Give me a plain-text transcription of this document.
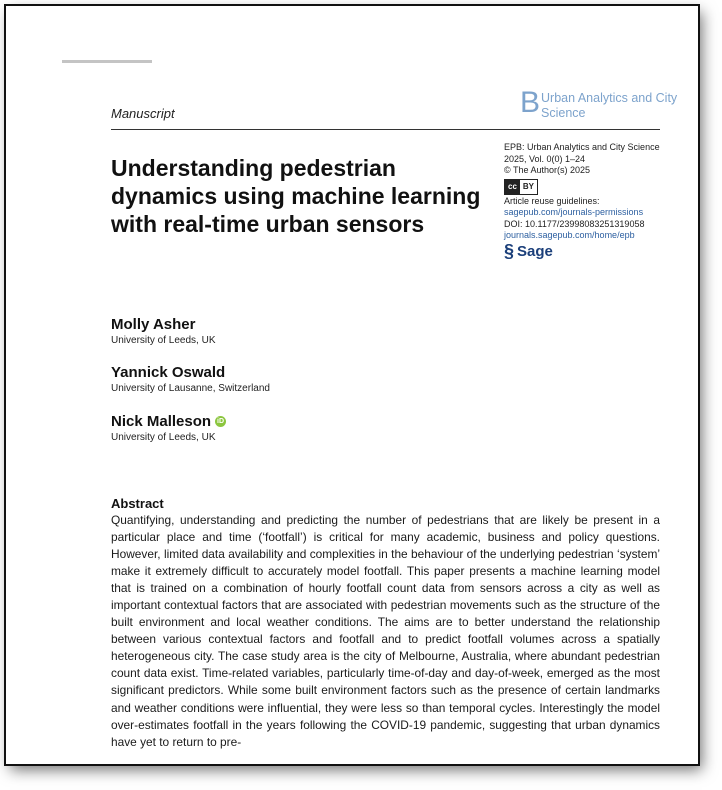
Manuscript	B Urban Analytics and City Science
Understanding pedestrian dynamics using machine learning with real-time urban sensors
EPB: Urban Analytics and City Science
2025, Vol. 0(0) 1–24
© The Author(s) 2025
cc BY
Article reuse guidelines:
sagepub.com/journals-permissions
DOI: 10.1177/23998083251319058
journals.sagepub.com/home/epb
§ Sage
Molly Asher
University of Leeds, UK
Yannick Oswald
University of Lausanne, Switzerland
Nick Malleson iD
University of Leeds, UK
Abstract
Quantifying, understanding and predicting the number of pedestrians that are likely be present in a particular place and time (‘footfall’) is critical for many academic, business and policy questions. However, limited data availability and complexities in the behaviour of the underlying pedestrian ‘system’ make it extremely difficult to accurately model footfall. This paper presents a machine learning model that is trained on a combination of hourly footfall count data from sensors across a city as well as important contextual factors that are associated with pedestrian movements such as the structure of the built environment and local weather conditions. The aims are to better understand the relationship between various contextual factors and footfall and to predict footfall volumes across a spatially heterogeneous city. The case study area is the city of Melbourne, Australia, where abundant pedestrian count data exist. Time-related variables, particularly time-of-day and day-of-week, emerged as the most significant predictors. While some built environment factors such as the presence of certain landmarks and weather conditions were influential, they were less so than temporal cycles. Interestingly the model over-estimates footfall in the years following the COVID-19 pandemic, suggesting that urban dynamics have yet to return to pre-
